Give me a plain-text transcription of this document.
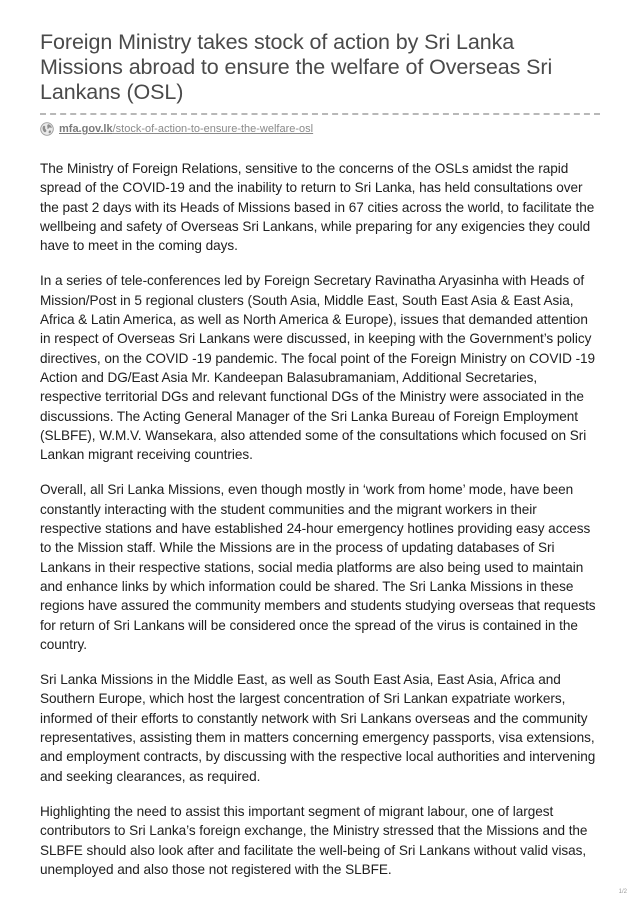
Foreign Ministry takes stock of action by Sri Lanka Missions abroad to ensure the welfare of Overseas Sri Lankans (OSL)
mfa.gov.lk /stock-of-action-to-ensure-the-welfare-osl

The Ministry of Foreign Relations, sensitive to the concerns of the OSLs amidst the rapid spread of the COVID-19 and the inability to return to Sri Lanka, has held consultations over the past 2 days with its Heads of Missions based in 67 cities across the world, to facilitate the wellbeing and safety of Overseas Sri Lankans, while preparing for any exigencies they could have to meet in the coming days.

In a series of tele-conferences led by Foreign Secretary Ravinatha Aryasinha with Heads of Mission/Post in 5 regional clusters (South Asia, Middle East, South East Asia & East Asia, Africa & Latin America, as well as North America & Europe), issues that demanded attention in respect of Overseas Sri Lankans were discussed, in keeping with the Government’s policy directives, on the COVID -19 pandemic. The focal point of the Foreign Ministry on COVID -19 Action and DG/East Asia Mr. Kandeepan Balasubramaniam, Additional Secretaries, respective territorial DGs and relevant functional DGs of the Ministry were associated in the discussions. The Acting General Manager of the Sri Lanka Bureau of Foreign Employment (SLBFE), W.M.V. Wansekara, also attended some of the consultations which focused on Sri Lankan migrant receiving countries.

Overall, all Sri Lanka Missions, even though mostly in ‘work from home’ mode, have been constantly interacting with the student communities and the migrant workers in their respective stations and have established 24-hour emergency hotlines providing easy access to the Mission staff. While the Missions are in the process of updating databases of Sri Lankans in their respective stations, social media platforms are also being used to maintain and enhance links by which information could be shared. The Sri Lanka Missions in these regions have assured the community members and students studying overseas that requests for return of Sri Lankans will be considered once the spread of the virus is contained in the country.

Sri Lanka Missions in the Middle East, as well as South East Asia, East Asia, Africa and Southern Europe, which host the largest concentration of Sri Lankan expatriate workers, informed of their efforts to constantly network with Sri Lankans overseas and the community representatives, assisting them in matters concerning emergency passports, visa extensions, and employment contracts, by discussing with the respective local authorities and intervening and seeking clearances, as required.

Highlighting the need to assist this important segment of migrant labour, one of largest contributors to Sri Lanka’s foreign exchange, the Ministry stressed that the Missions and the SLBFE should also look after and facilitate the well-being of Sri Lankans without valid visas, unemployed and also those not registered with the SLBFE.

1/2
